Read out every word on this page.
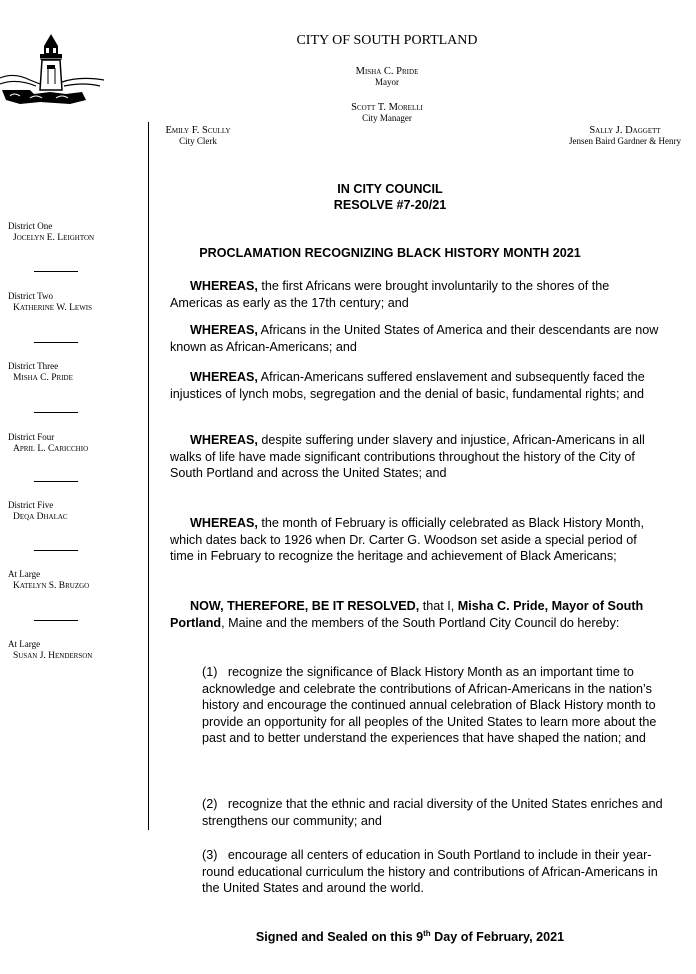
CITY OF SOUTH PORTLAND
Misha C. Pride
Mayor
Scott T. Morelli
City Manager
Emily F. Scully
City Clerk
Sally J. Daggett
Jensen Baird Gardner & Henry
District One
Jocelyn E. Leighton
District Two
Katherine W. Lewis
District Three
Misha C. Pride
District Four
April L. Caricchio
District Five
Deqa Dhalac
At Large
Katelyn S. Bruzgo
At Large
Susan J. Henderson
IN CITY COUNCIL
RESOLVE #7-20/21
PROCLAMATION RECOGNIZING BLACK HISTORY MONTH 2021
WHEREAS, the first Africans were brought involuntarily to the shores of the Americas as early as the 17th century; and
WHEREAS, Africans in the United States of America and their descendants are now known as African-Americans; and
WHEREAS, African-Americans suffered enslavement and subsequently faced the injustices of lynch mobs, segregation and the denial of basic, fundamental rights; and
WHEREAS, despite suffering under slavery and injustice, African-Americans in all walks of life have made significant contributions throughout the history of the City of South Portland and across the United States; and
WHEREAS, the month of February is officially celebrated as Black History Month, which dates back to 1926 when Dr. Carter G. Woodson set aside a special period of time in February to recognize the heritage and achievement of Black Americans;
NOW, THEREFORE, BE IT RESOLVED, that I, Misha C. Pride, Mayor of South Portland, Maine and the members of the South Portland City Council do hereby:
(1) recognize the significance of Black History Month as an important time to acknowledge and celebrate the contributions of African-Americans in the nation’s history and encourage the continued annual celebration of Black History month to provide an opportunity for all peoples of the United States to learn more about the past and to better understand the experiences that have shaped the nation; and
(2) recognize that the ethnic and racial diversity of the United States enriches and strengthens our community; and
(3) encourage all centers of education in South Portland to include in their year-round educational curriculum the history and contributions of African-Americans in the United States and around the world.
Signed and Sealed on this 9th Day of February, 2021
